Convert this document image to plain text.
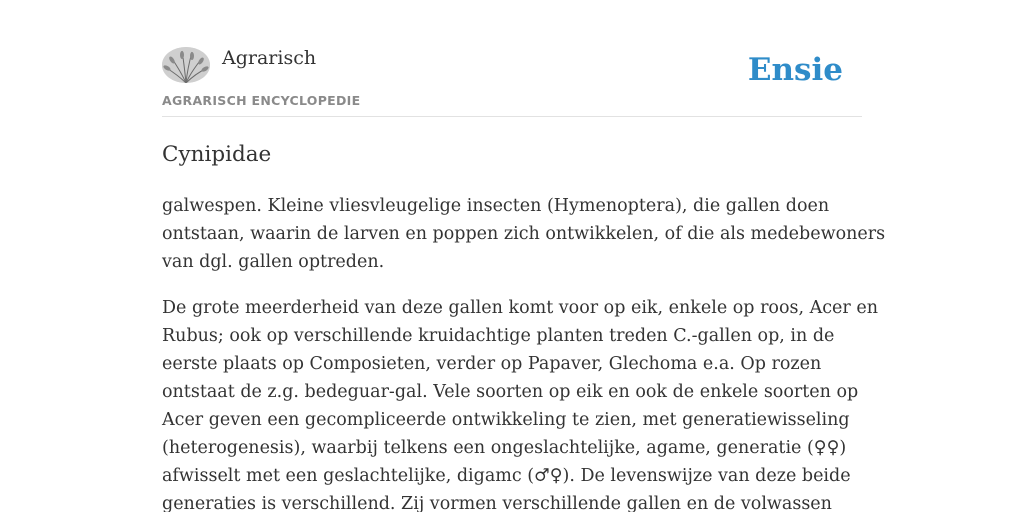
Agrarisch
AGRARISCH ENCYCLOPEDIE
Ensie
Cynipidae

galwespen. Kleine vliesvleugelige insecten (Hymenoptera), die gallen doen
ontstaan, waarin de larven en poppen zich ontwikkelen, of die als medebewoners
van dgl. gallen optreden.

De grote meerderheid van deze gallen komt voor op eik, enkele op roos, Acer en
Rubus; ook op verschillende kruidachtige planten treden C.-gallen op, in de
eerste plaats op Composieten, verder op Papaver, Glechoma e.a. Op rozen
ontstaat de z.g. bedeguar-gal. Vele soorten op eik en ook de enkele soorten op
Acer geven een gecompliceerde ontwikkeling te zien, met generatiewisseling
(heterogenesis), waarbij telkens een ongeslachtelijke, agame, generatie (♀♀)
afwisselt met een geslachtelijke, digamc (♂♀). De levenswijze van deze beide
generaties is verschillend. Zij vormen verschillende gallen en de volwassen
